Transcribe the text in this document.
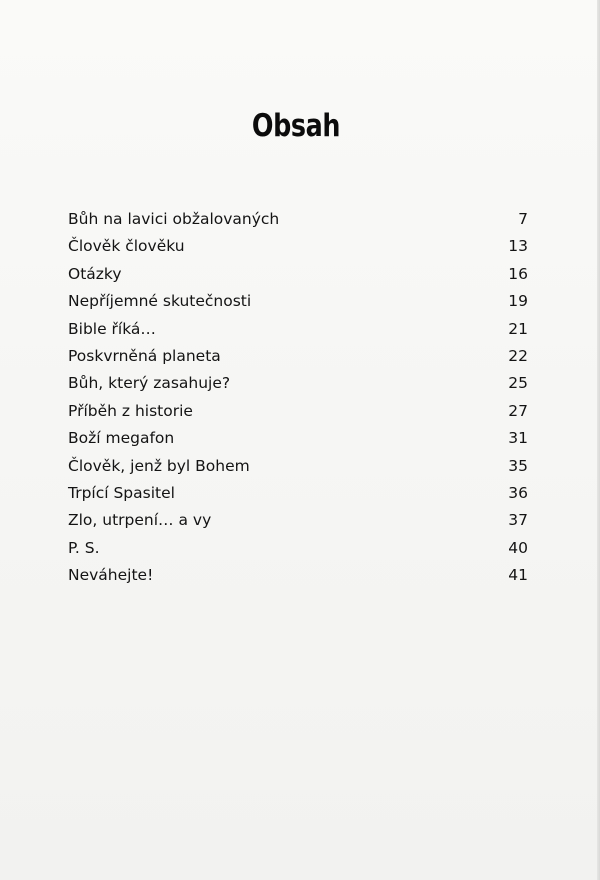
Obsah
Bůh na lavici obžalovaných	7
Člověk člověku	13
Otázky	16
Nepříjemné skutečnosti	19
Bible říká…	21
Poskvrněná planeta	22
Bůh, který zasahuje?	25
Příběh z historie	27
Boží megafon	31
Člověk, jenž byl Bohem	35
Trpící Spasitel	36
Zlo, utrpení… a vy	37
P. S.	40
Neváhejte!	41
